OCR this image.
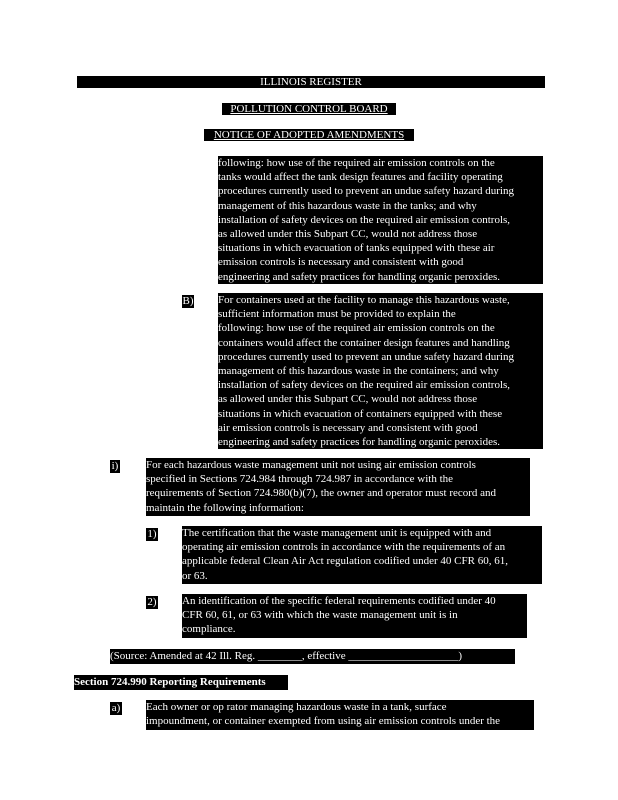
ILLINOIS REGISTER

POLLUTION CONTROL BOARD

NOTICE OF ADOPTED AMENDMENTS

following: how use of the required air emission controls on the
tanks would affect the tank design features and facility operating
procedures currently used to prevent an undue safety hazard during
management of this hazardous waste in the tanks; and why
installation of safety devices on the required air emission controls,
as allowed under this Subpart CC, would not address those
situations in which evacuation of tanks equipped with these air
emission controls is necessary and consistent with good
engineering and safety practices for handling organic peroxides.

B) For containers used at the facility to manage this hazardous waste,
sufficient information must be provided to explain the
following: how use of the required air emission controls on the
containers would affect the container design features and handling
procedures currently used to prevent an undue safety hazard during
management of this hazardous waste in the containers; and why
installation of safety devices on the required air emission controls,
as allowed under this Subpart CC, would not address those
situations in which evacuation of containers equipped with these
air emission controls is necessary and consistent with good
engineering and safety practices for handling organic peroxides.

i)	For each hazardous waste management unit not using air emission controls
specified in Sections 724.984 through 724.987 in accordance with the
requirements of Section 724.980(b)(7), the owner and operator must record and
maintain the following information:

1) The certification that the waste management unit is equipped with and
operating air emission controls in accordance with the requirements of an
applicable federal Clean Air Act regulation codified under 40 CFR 60, 61,
or 63.

2) An identification of the specific federal requirements codified under 40
CFR 60, 61, or 63 with which the waste management unit is in
compliance.

(Source: Amended at 42 Ill. Reg. ________, effective ____________________)

Section 724.990 Reporting Requirements

a) Each owner or op rator managing hazardous waste in a tank, surface
impoundment, or container exempted from using air emission controls under the
